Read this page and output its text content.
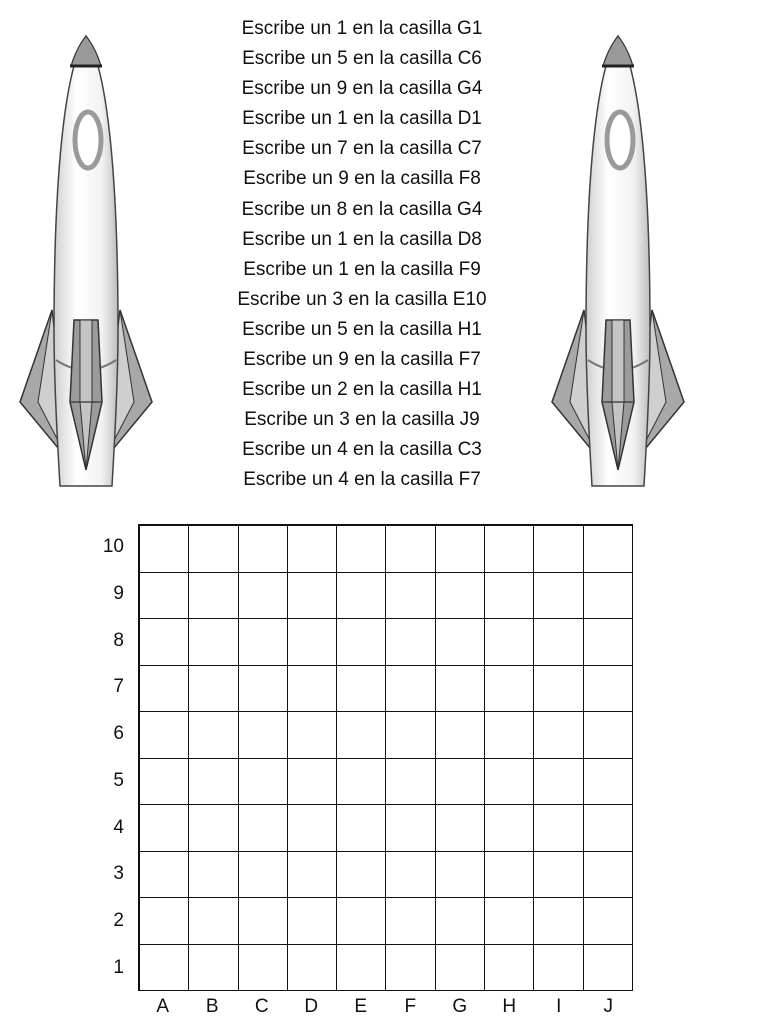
Escribe un 1 en la casilla G1
Escribe un 5 en la casilla C6
Escribe un 9 en la casilla G4
Escribe un 1 en la casilla D1
Escribe un 7 en la casilla C7
Escribe un 9 en la casilla F8
Escribe un 8 en la casilla G4
Escribe un 1 en la casilla D8
Escribe un 1 en la casilla F9
Escribe un 3 en la casilla E10
Escribe un 5 en la casilla H1
Escribe un 9 en la casilla F7
Escribe un 2 en la casilla H1
Escribe un 3 en la casilla J9
Escribe un 4 en la casilla C3
Escribe un 4 en la casilla F7
10
9
8
7
6
5
4
3
2
1
A	B	C	D	E	F	G	H	I	J
